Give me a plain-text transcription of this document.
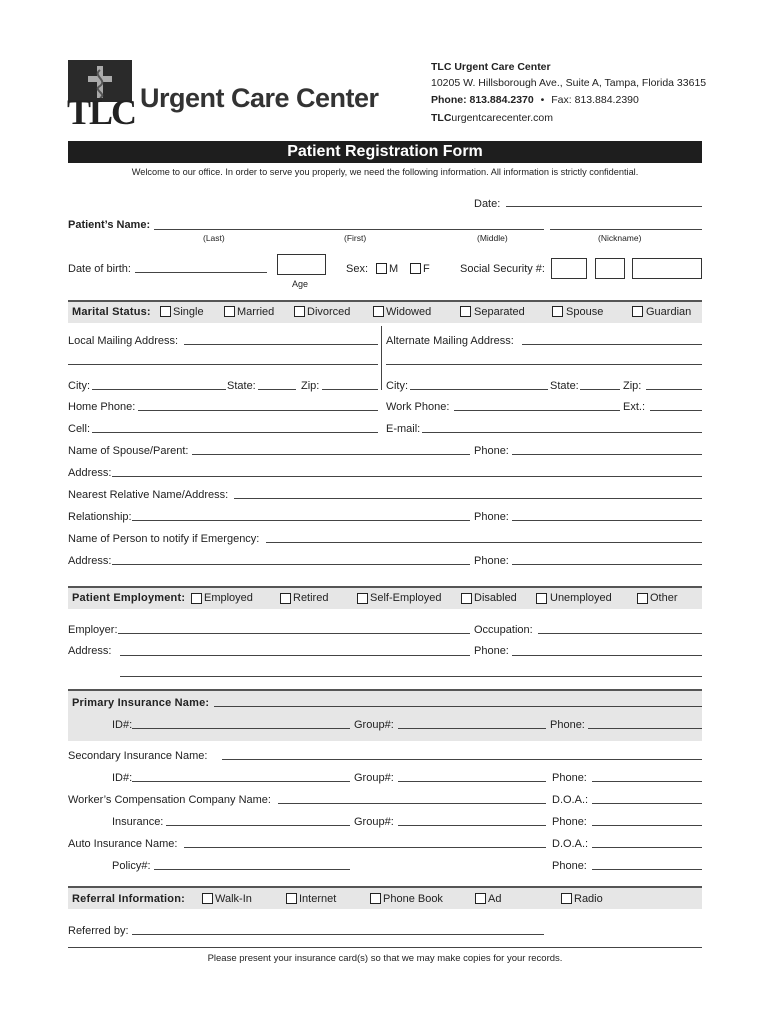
TLC Urgent Care Center
TLC Urgent Care Center
10205 W. Hillsborough Ave., Suite A, Tampa, Florida 33615
Phone: 813.884.2370 • Fax: 813.884.2390
TLCurgentcarecenter.com
Patient Registration Form
Welcome to our office. In order to serve you properly, we need the following information. All information is strictly confidential.
Date:
Patient’s Name:
(Last)	(First)	(Middle)	(Nickname)
Date of birth:
Age
Sex: M F	Social Security #:
Marital Status: Single	Married	Divorced	Widowed	Separated	Spouse	Guardian
Local Mailing Address:	Alternate Mailing Address:
City:	State:	Zip:	City:	State:	Zip:
Home Phone:	Work Phone:	Ext.:
Cell:	E-mail:
Name of Spouse/Parent:	Phone:
Address:
Nearest Relative Name/Address:
Relationship:	Phone:
Name of Person to notify if Emergency:
Address:	Phone:
Patient Employment: Employed	Retired	Self-Employed	Disabled	Unemployed	Other
Employer:	Occupation:
Address:	Phone:
Primary Insurance Name:
ID#:	Group#:	Phone:
Secondary Insurance Name:
ID#:	Group#:	Phone:
Worker’s Compensation Company Name:	D.O.A.:
Insurance:	Group#:	Phone:
Auto Insurance Name:	D.O.A.:
Policy#:	Phone:
Referral Information:	Walk-In	Internet	Phone Book	Ad	Radio
Referred by:
Please present your insurance card(s) so that we may make copies for your records.
